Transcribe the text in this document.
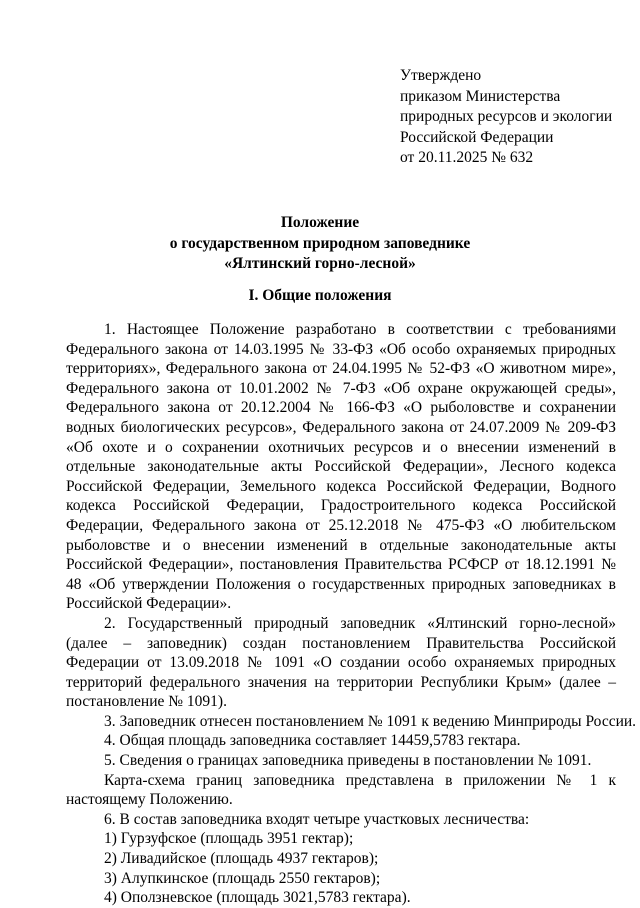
Утверждено
приказом Министерства
природных ресурсов и экологии
Российской Федерации
от 20.11.2025 № 632
Положение
о государственном природном заповеднике
«Ялтинский горно-лесной»
I. Общие положения

1. Настоящее Положение разработано в соответствии с требованиями Федерального закона от 14.03.1995 № 33-ФЗ «Об особо охраняемых природных территориях», Федерального закона от 24.04.1995 № 52-ФЗ «О животном мире», Федерального закона от 10.01.2002 № 7-ФЗ «Об охране окружающей среды», Федерального закона от 20.12.2004 № 166-ФЗ «О рыболовстве и сохранении водных биологических ресурсов», Федерального закона от 24.07.2009 № 209-ФЗ «Об охоте и о сохранении охотничьих ресурсов и о внесении изменений в отдельные законодательные акты Российской Федерации», Лесного кодекса Российской Федерации, Земельного кодекса Российской Федерации, Водного кодекса Российской Федерации, Градостроительного кодекса Российской Федерации, Федерального закона от 25.12.2018 № 475-ФЗ «О любительском рыболовстве и о внесении изменений в отдельные законодательные акты Российской Федерации», постановления Правительства РСФСР от 18.12.1991 № 48 «Об утверждении Положения о государственных природных заповедниках в Российской Федерации».

2. Государственный природный заповедник «Ялтинский горно-лесной» (далее – заповедник) создан постановлением Правительства Российской Федерации от 13.09.2018 № 1091 «О создании особо охраняемых природных территорий федерального значения на территории Республики Крым» (далее – постановление № 1091).

3. Заповедник отнесен постановлением № 1091 к ведению Минприроды России.

4. Общая площадь заповедника составляет 14459,5783 гектара.

5. Сведения о границах заповедника приведены в постановлении № 1091.

Карта-схема границ заповедника представлена в приложении № 1 к настоящему Положению.

6. В состав заповедника входят четыре участковых лесничества:

1) Гурзуфское (площадь 3951 гектар);

2) Ливадийское (площадь 4937 гектаров);

3) Алупкинское (площадь 2550 гектаров);

4) Оползневское (площадь 3021,5783 гектара).
